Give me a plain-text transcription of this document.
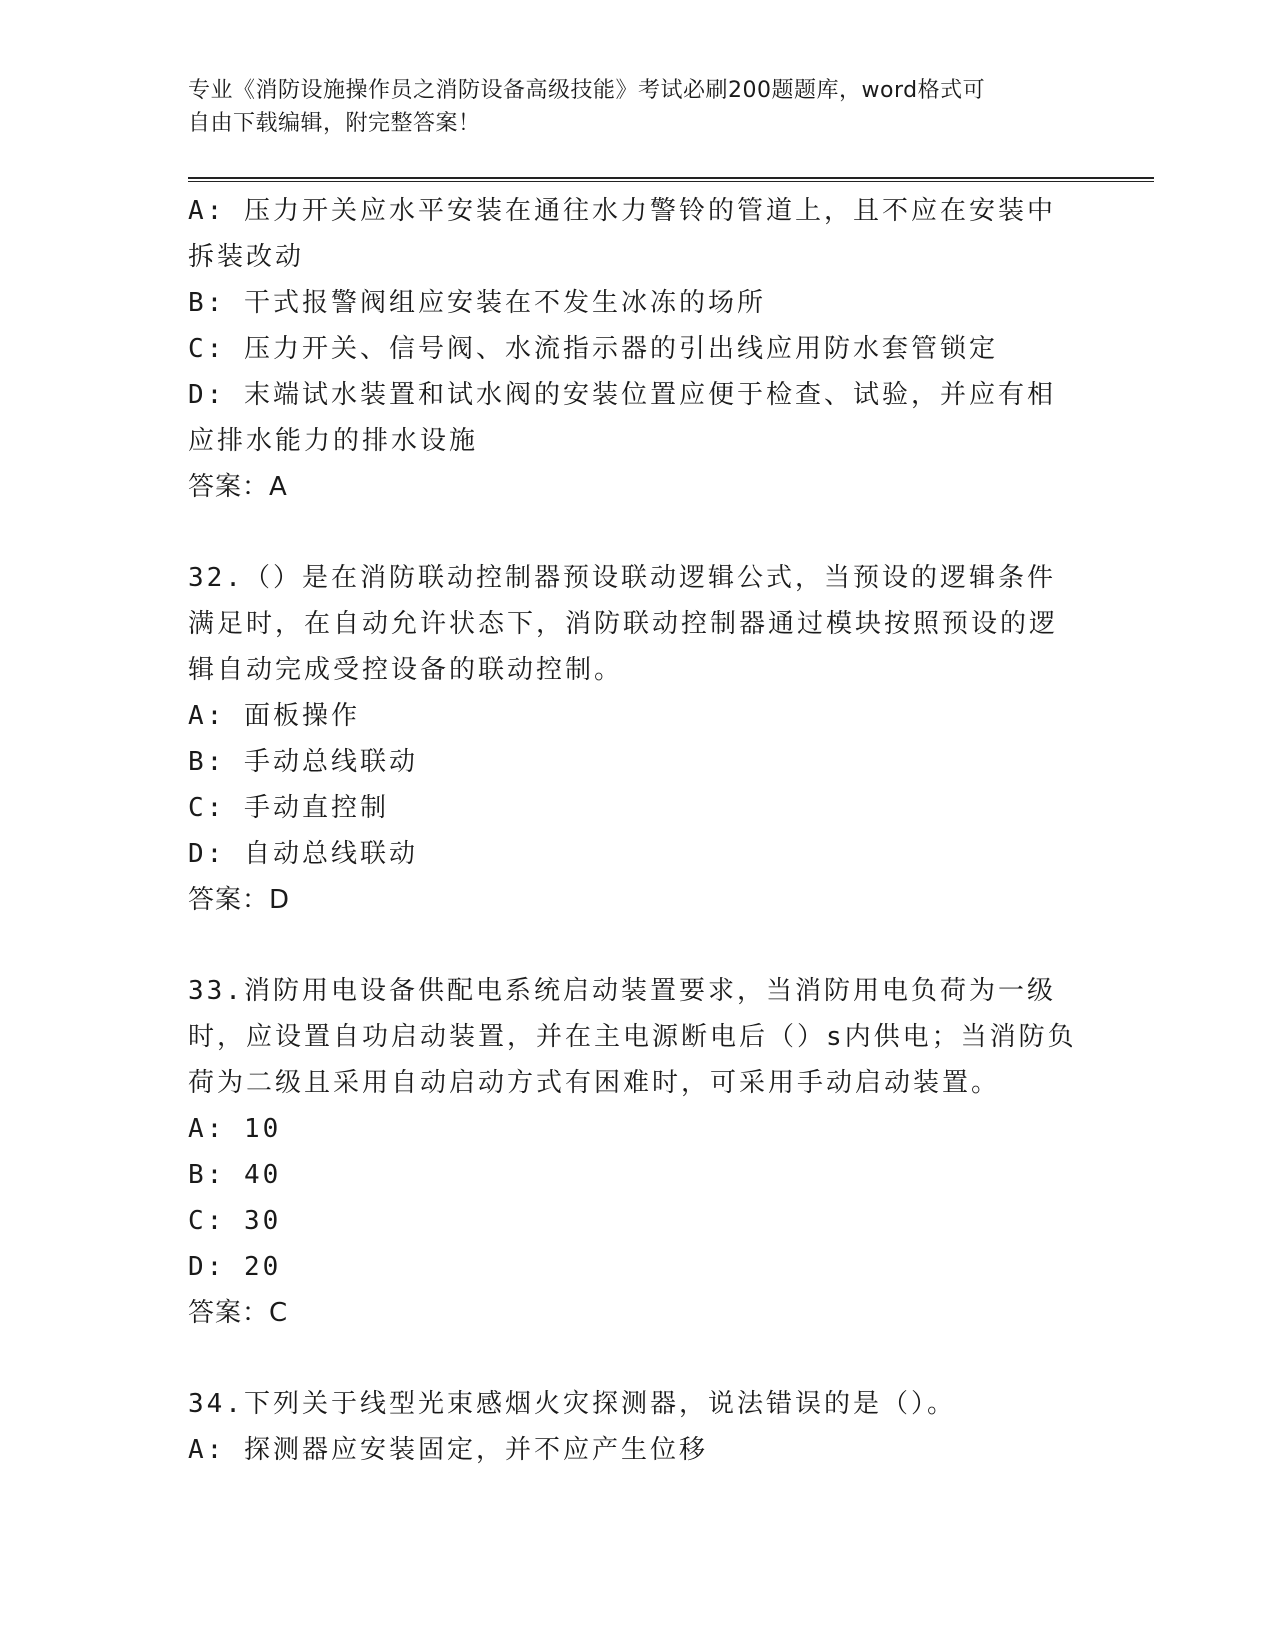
专业《消防设施操作员之消防设备高级技能》考试必刷200题题库，word格式可
自由下载编辑，附完整答案！
A: 压力开关应水平安装在通往水力警铃的管道上，且不应在安装中拆装改动
B: 干式报警阀组应安装在不发生冰冻的场所
C: 压力开关、信号阀、水流指示器的引出线应用防水套管锁定
D: 末端试水装置和试水阀的安装位置应便于检查、试验，并应有相应排水能力的排水设施
答案：A
32.（）是在消防联动控制器预设联动逻辑公式，当预设的逻辑条件满足时，在自动允许状态下，消防联动控制器通过模块按照预设的逻辑自动完成受控设备的联动控制。
A: 面板操作
B: 手动总线联动
C: 手动直控制
D: 自动总线联动
答案：D
33.消防用电设备供配电系统启动装置要求，当消防用电负荷为一级时，应设置自功启动装置，并在主电源断电后（）s内供电；当消防负荷为二级且采用自动启动方式有困难时，可采用手动启动装置。
A: 10
B: 40
C: 30
D: 20
答案：C
34.下列关于线型光束感烟火灾探测器，说法错误的是（）。
A: 探测器应安装固定，并不应产生位移
